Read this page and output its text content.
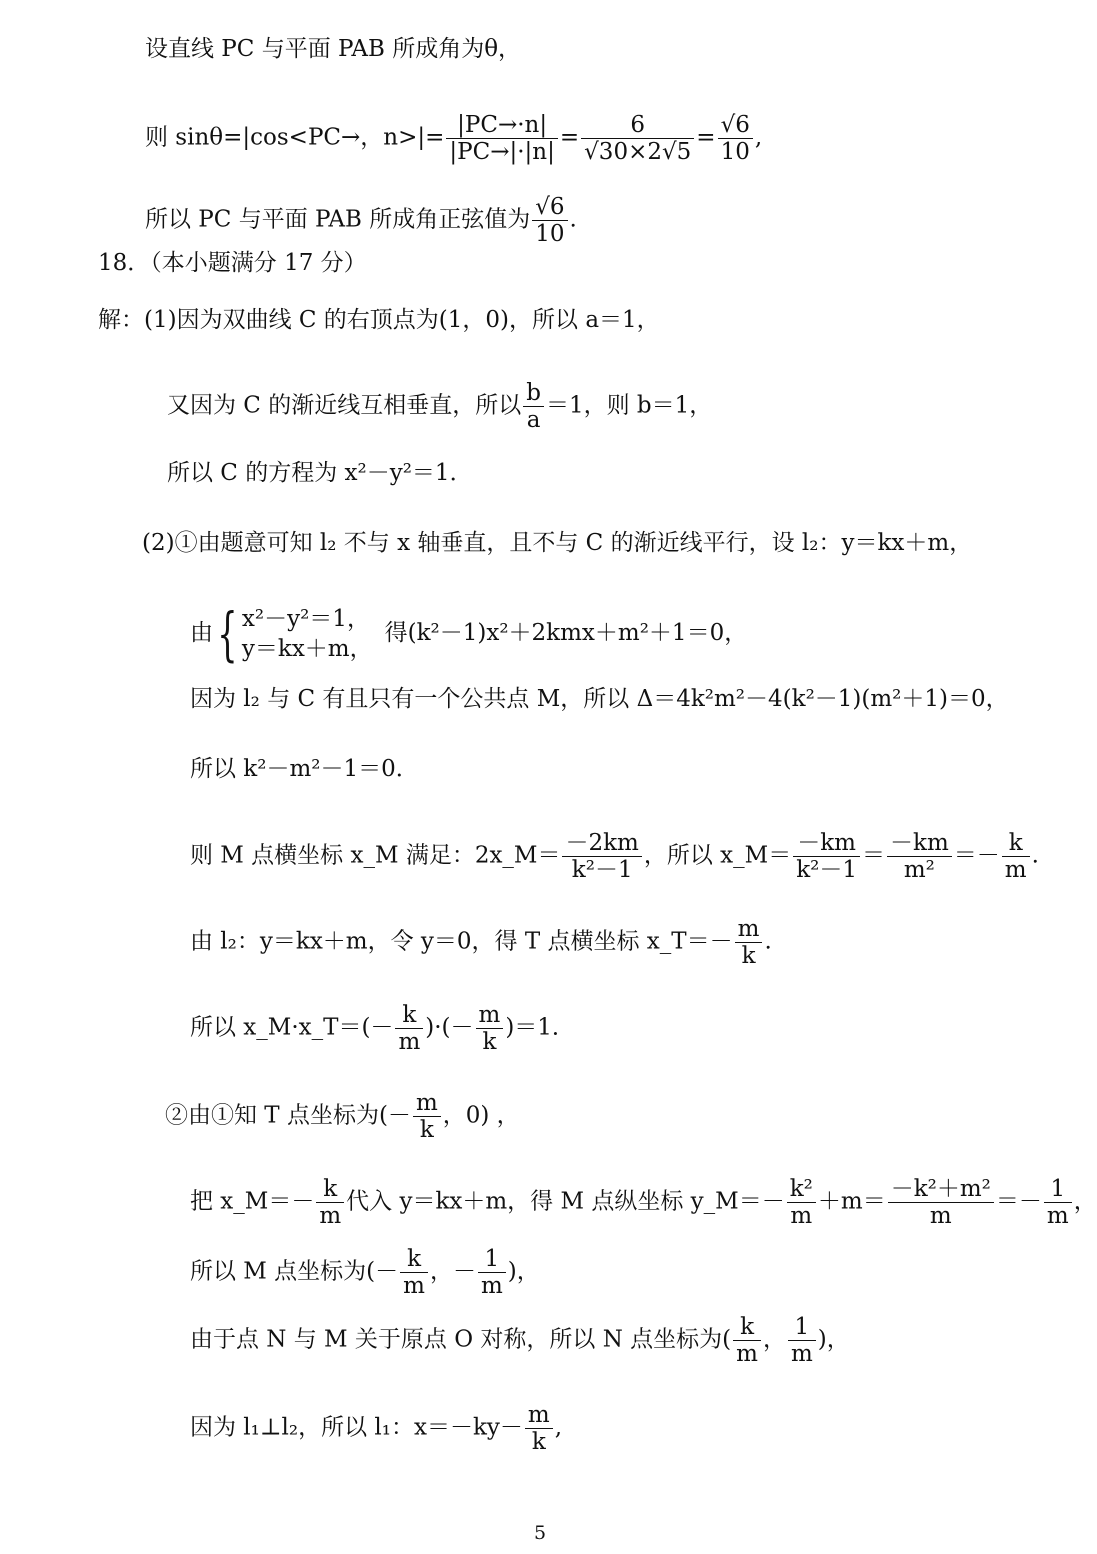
设直线 PC 与平面 PAB 所成角为θ，
则 sinθ=|cos<PC→，$n>|= \frac{|PC\to\cdot n|}{|PC\to|\cdot|n|} = \frac{6}{√30\times 2√5} = \frac{√6}{10}$ ,
所以 PC 与平面 PAB 所成角正弦值为 $\frac{√6}{10}$ .
18．（本小题满分 17 分）
解：(1)因为双曲线 C 的右顶点为(1，0)，所以 a＝1，
又因为 C 的渐近线互相垂直，所以 $\frac{b}{a} =1$，则 b＝1，
所以 C 的方程为 x²－y²＝1．
(2)①由题意可知 l₂ 不与 x 轴垂直，且不与 C 的渐近线平行，设 l₂：y＝kx＋m，
由{ x²－y²＝1，
y＝kx＋m，
得(k²－1)x²＋2kmx＋m²＋1＝0，
因为 l₂ 与 C 有且只有一个公共点 M，所以 Δ＝4k²m²－4(k²－1)(m²＋1)＝0，
所以 k²－m²－1＝0．
则 M 点横坐标 x_M 满足：2x_M＝ $\frac{-2km}{\text{k²－1}}$ ，所以 x_M＝ $\frac{-km}{\text{k²－1}} = \frac{-km}{\text{m²}} =- \frac{k}{m}$ .
由 l₂：y＝kx＋m，令 y＝0，得 T 点横坐标 x_T＝－ $\frac{m}{k}$ .
所以 x_M·x_T＝(－ $\frac{k}{m}$ )·(－ $\frac{m}{k} )=1$．
②由①知 T 点坐标为(－ $\frac{m}{k}$ ，0) ，
把 x_M＝－ $\frac{k}{m}$ 代入 y＝kx＋m，得 M 点纵坐标 y_M＝－ $\frac{\text{k²}}{m} +m= \frac{\text{－k²＋m²}}{m} =- \frac{1}{m}$ ，
所以 M 点坐标为(－ $\frac{k}{m}$ ，－ $\frac{1}{m}$ )，
由于点 N 与 M 关于原点 O 对称，所以 N 点坐标为( $\frac{k}{m}$ ， $\frac{1}{m}$ )，
因为 l₁⊥l₂，所以 l₁：$x=-ky- \frac{m}{k}$ ,
5
